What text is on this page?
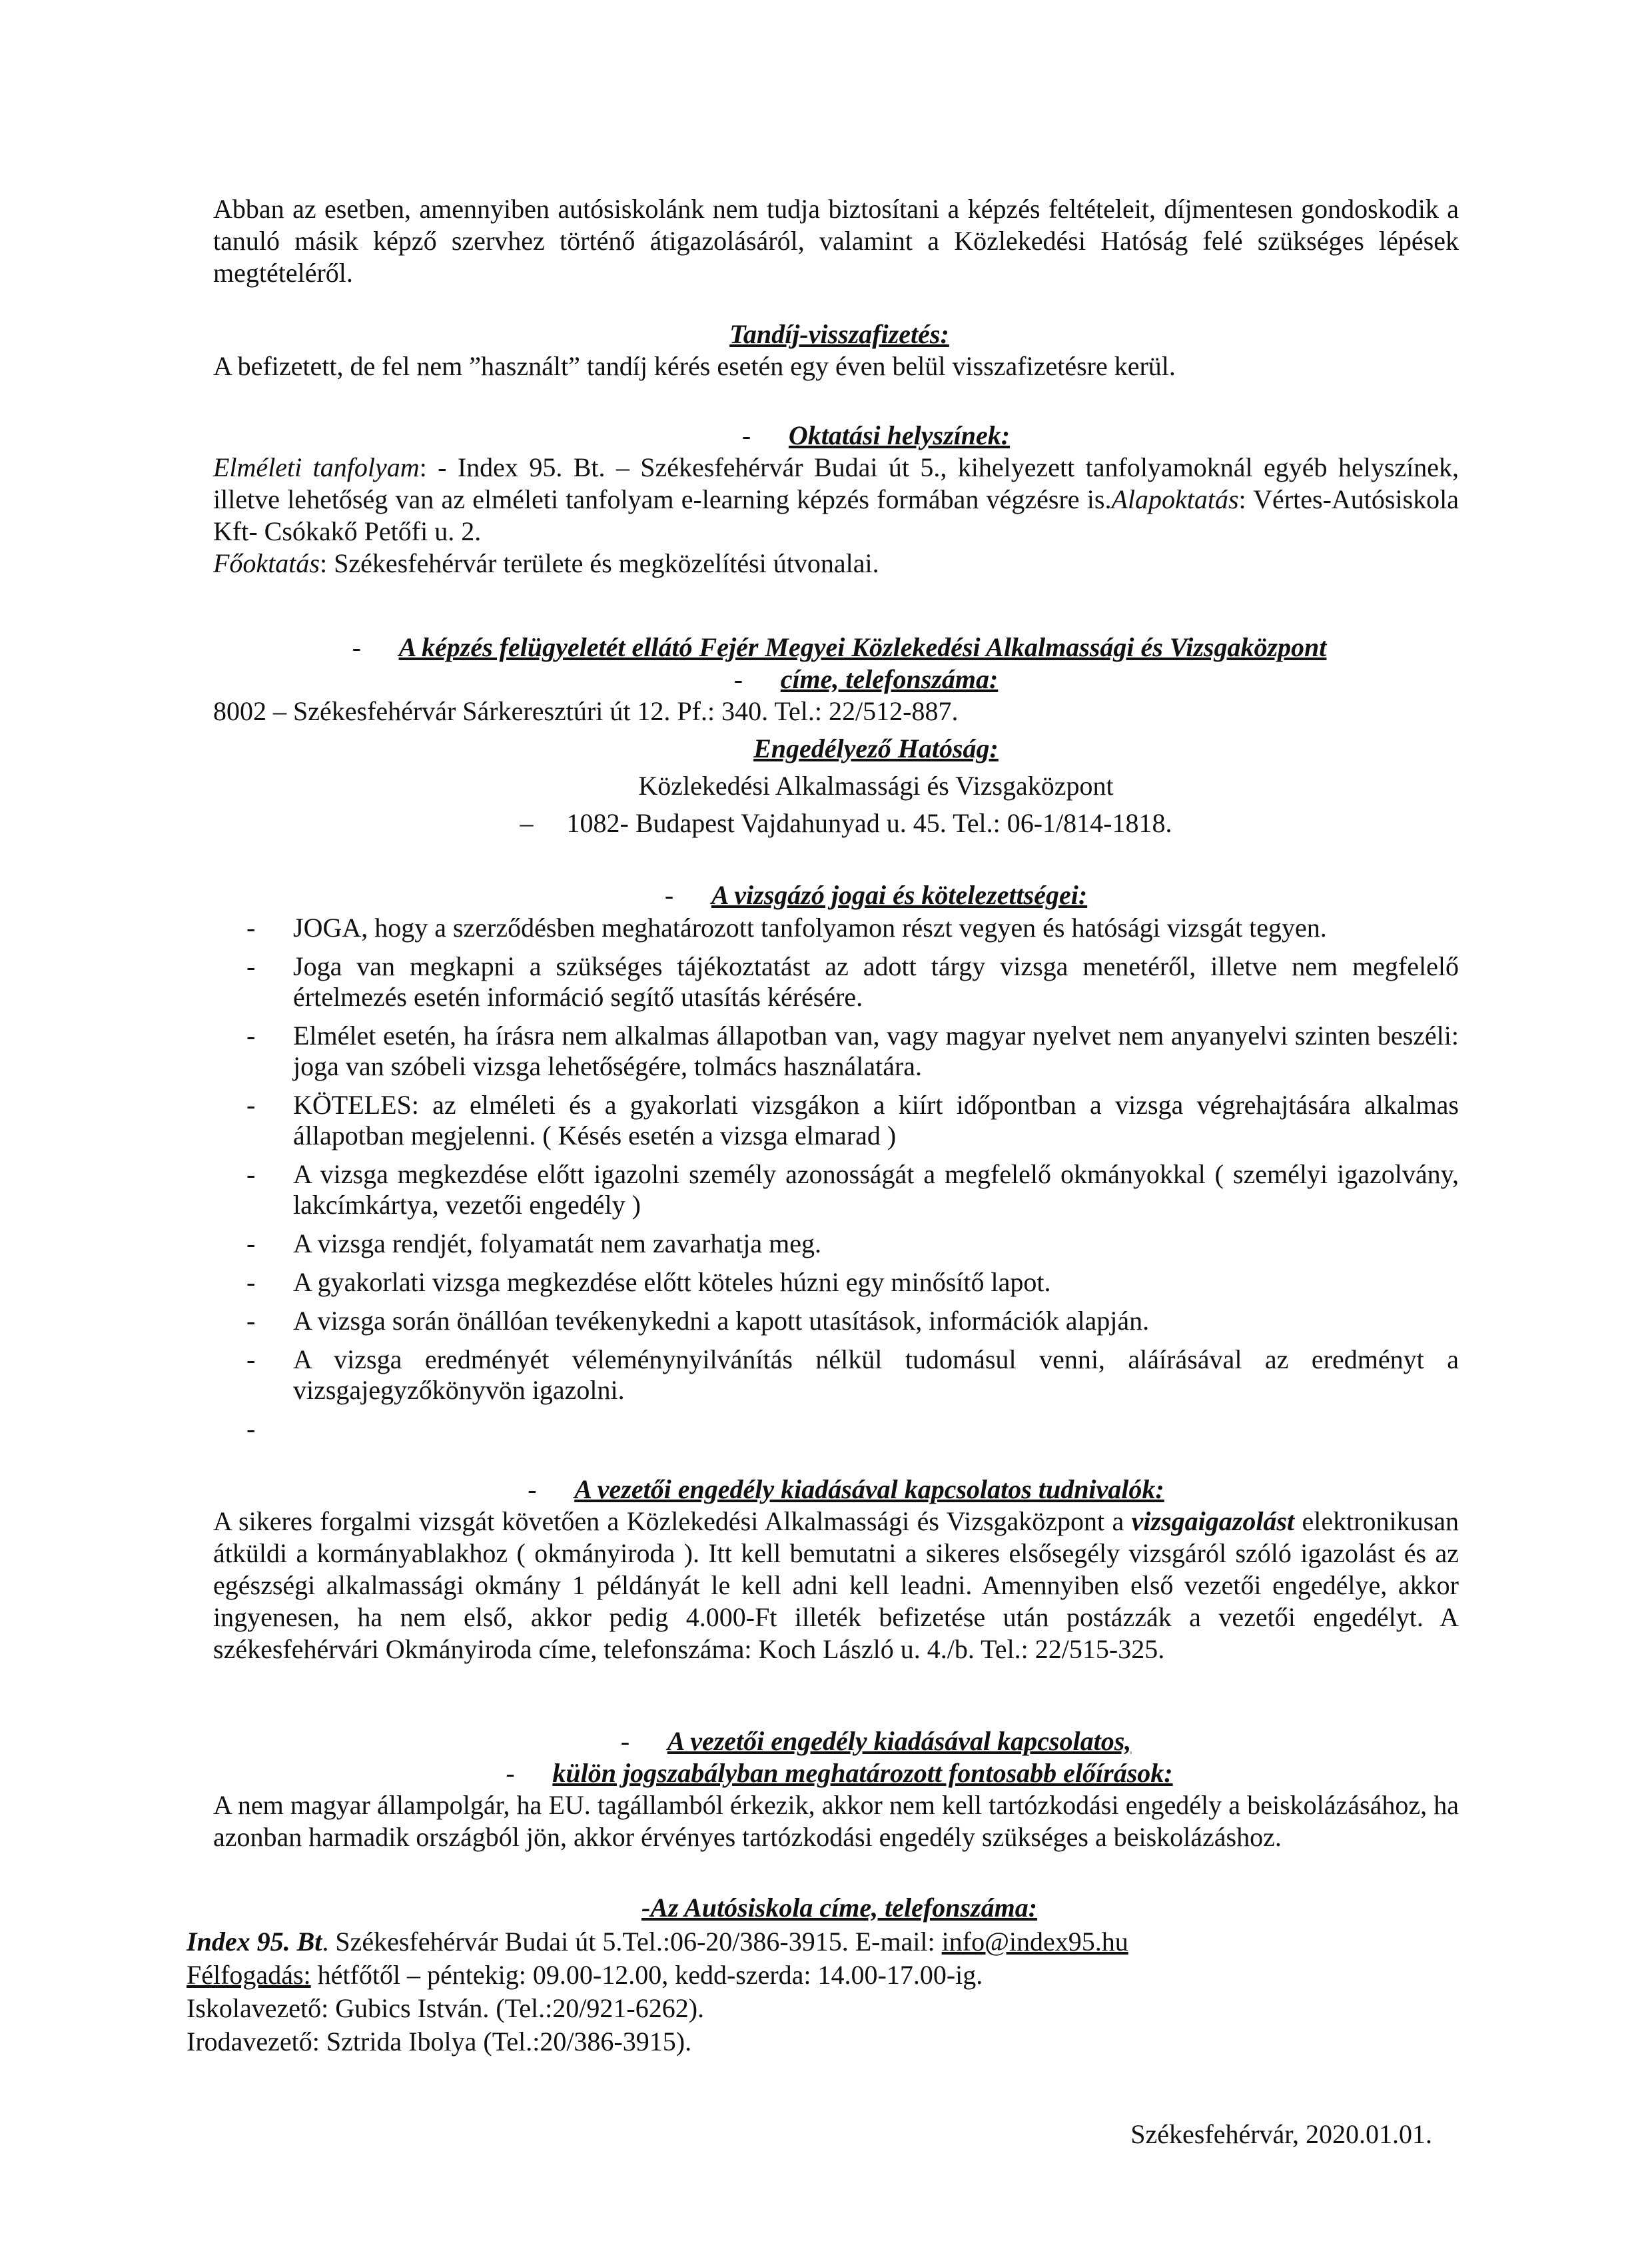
Abban az esetben, amennyiben autósiskolánk nem tudja biztosítani a képzés feltételeit, díjmentesen gondoskodik a tanuló másik képző szervhez történő átigazolásáról, valamint a Közlekedési Hatóság felé szükséges lépések megtételéről.

Tandíj-visszafizetés:

A befizetett, de fel nem ”használt” tandíj kérés esetén egy éven belül visszafizetésre kerül.

- Oktatási helyszínek:

Elméleti tanfolyam: - Index 95. Bt. – Székesfehérvár Budai út 5., kihelyezett tanfolyamoknál egyéb helyszínek, illetve lehetőség van az elméleti tanfolyam e-learning képzés formában végzésre is.Alapoktatás: Vértes-Autósiskola Kft- Csókakő Petőfi u. 2.
Főoktatás: Székesfehérvár területe és megközelítési útvonalai.

- A képzés felügyeletét ellátó Fejér Megyei Közlekedési Alkalmassági és Vizsgaközpont

- címe, telefonszáma:

8002 – Székesfehérvár Sárkeresztúri út 12. Pf.: 340. Tel.: 22/512-887.

Engedélyező Hatóság:

Közlekedési Alkalmassági és Vizsgaközpont

– 1082- Budapest Vajdahunyad u. 45. Tel.: 06-1/814-1818.

- A vizsgázó jogai és kötelezettségei:

- JOGA, hogy a szerződésben meghatározott tanfolyamon részt vegyen és hatósági vizsgát tegyen.
- Joga van megkapni a szükséges tájékoztatást az adott tárgy vizsga menetéről, illetve nem megfelelő értelmezés esetén információ segítő utasítás kérésére.
- Elmélet esetén, ha írásra nem alkalmas állapotban van, vagy magyar nyelvet nem anyanyelvi szinten beszéli: joga van szóbeli vizsga lehetőségére, tolmács használatára.
- KÖTELES: az elméleti és a gyakorlati vizsgákon a kiírt időpontban a vizsga végrehajtására alkalmas állapotban megjelenni. ( Késés esetén a vizsga elmarad )
- A vizsga megkezdése előtt igazolni személy azonosságát a megfelelő okmányokkal ( személyi igazolvány, lakcímkártya, vezetői engedély )
- A vizsga rendjét, folyamatát nem zavarhatja meg.
- A gyakorlati vizsga megkezdése előtt köteles húzni egy minősítő lapot.
- A vizsga során önállóan tevékenykedni a kapott utasítások, információk alapján.
- A vizsga eredményét véleménynyilvánítás nélkül tudomásul venni, aláírásával az eredményt a vizsgajegyzőkönyvön igazolni.
-

- A vezetői engedély kiadásával kapcsolatos tudnivalók:

A sikeres forgalmi vizsgát követően a Közlekedési Alkalmassági és Vizsgaközpont a vizsgaigazolást elektronikusan átküldi a kormányablakhoz ( okmányiroda ). Itt kell bemutatni a sikeres elsősegély vizsgáról szóló igazolást és az egészségi alkalmassági okmány 1 példányát le kell adni kell leadni. Amennyiben első vezetői engedélye, akkor ingyenesen, ha nem első, akkor pedig 4.000-Ft illeték befizetése után postázzák a vezetői engedélyt. A székesfehérvári Okmányiroda címe, telefonszáma: Koch László u. 4./b. Tel.: 22/515-325.

- A vezetői engedély kiadásával kapcsolatos,

- külön jogszabályban meghatározott fontosabb előírások:

A nem magyar állampolgár, ha EU. tagállamból érkezik, akkor nem kell tartózkodási engedély a beiskolázásához, ha azonban harmadik országból jön, akkor érvényes tartózkodási engedély szükséges a beiskolázáshoz.

-Az Autósiskola címe, telefonszáma:

Index 95. Bt. Székesfehérvár Budai út 5.Tel.:06-20/386-3915. E-mail: info@index95.hu
Félfogadás: hétfőtől – péntekig: 09.00-12.00, kedd-szerda: 14.00-17.00-ig.
Iskolavezető: Gubics István. (Tel.:20/921-6262).
Irodavezető: Sztrida Ibolya (Tel.:20/386-3915).
Székesfehérvár, 2020.01.01.
